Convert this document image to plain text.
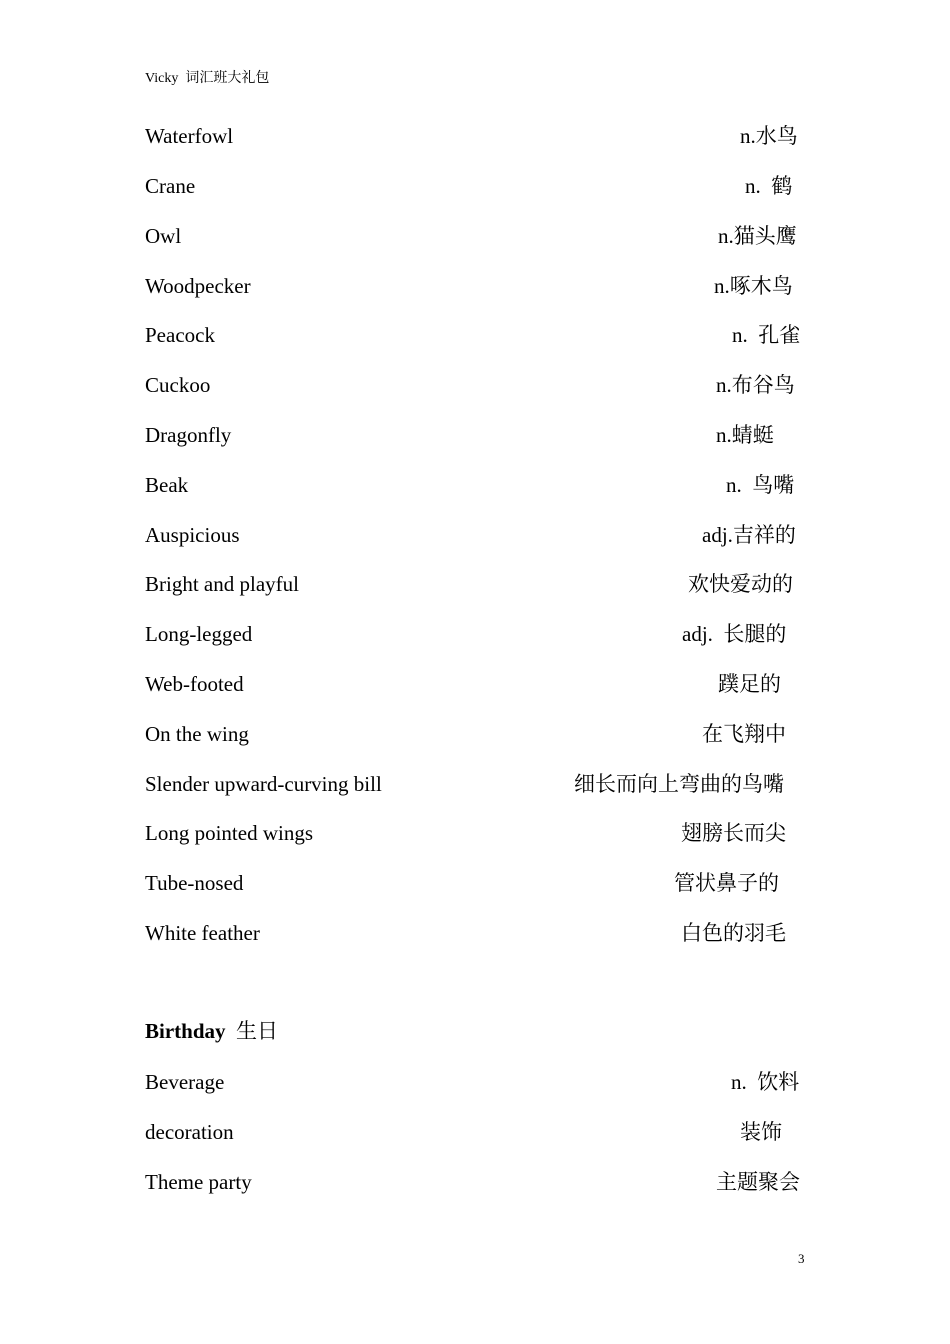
Vicky  词汇班大礼包
Waterfowl	n.水鸟
Crane	n.  鹤
Owl	n.猫头鹰
Woodpecker	n.啄木鸟
Peacock	n.  孔雀
Cuckoo	n.布谷鸟
Dragonfly	n.蜻蜓
Beak	n.  鸟嘴
Auspicious	adj.吉祥的
Bright and playful	欢快爱动的
Long-legged	adj.  长腿的
Web-footed	蹼足的
On the wing	在飞翔中
Slender upward-curving bill	细长而向上弯曲的鸟嘴
Long pointed wings	翅膀长而尖
Tube-nosed	管状鼻子的
White feather	白色的羽毛
Birthday 生日
Beverage	n.  饮料
decoration	装饰
Theme party	主题聚会
3
